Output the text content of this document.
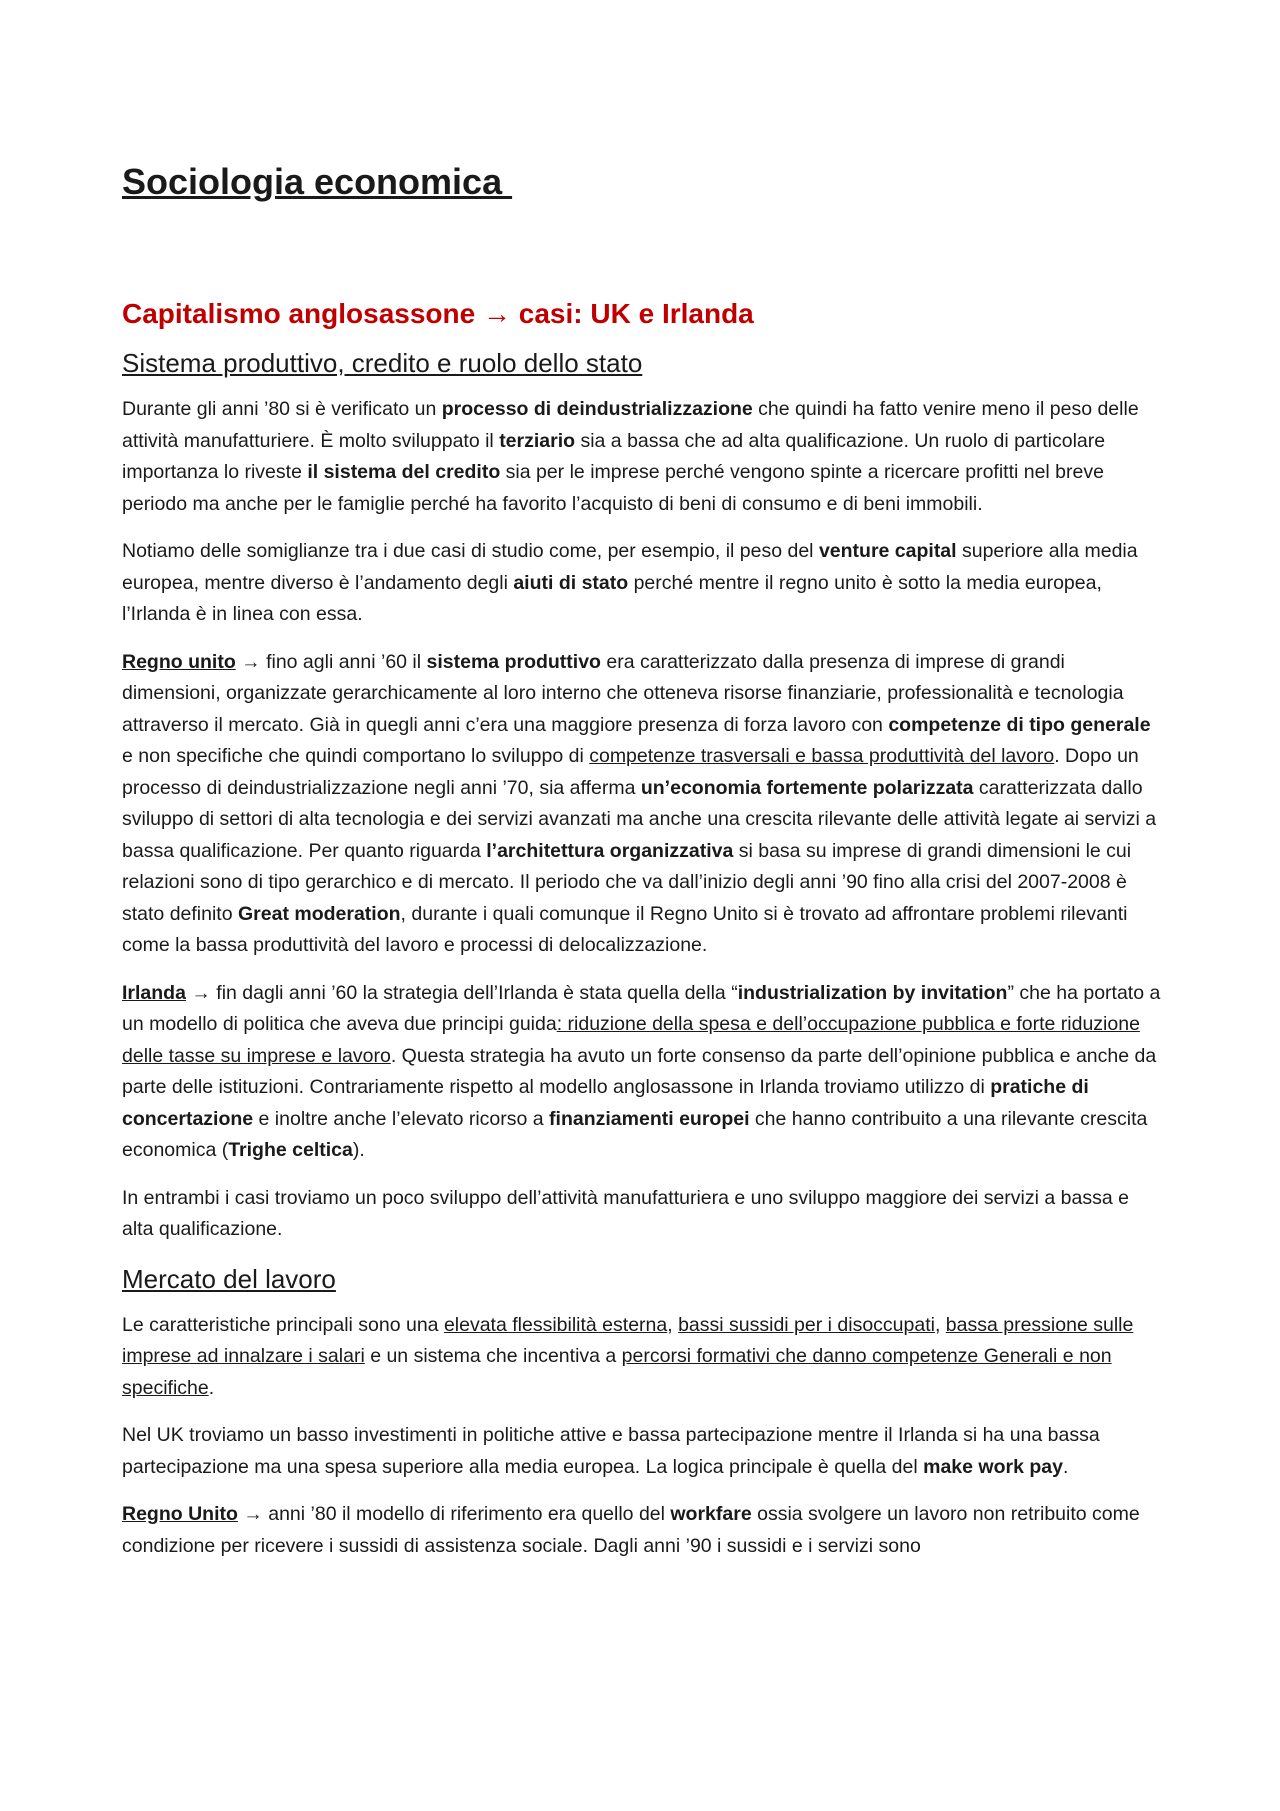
Sociologia economica
Capitalismo anglosassone → casi: UK e Irlanda
Sistema produttivo, credito e ruolo dello stato

Durante gli anni ’80 si è verificato un processo di deindustrializzazione che quindi ha fatto venire meno il peso delle attività manufatturiere. È molto sviluppato il terziario sia a bassa che ad alta qualificazione. Un ruolo di particolare importanza lo riveste il sistema del credito sia per le imprese perché vengono spinte a ricercare profitti nel breve periodo ma anche per le famiglie perché ha favorito l’acquisto di beni di consumo e di beni immobili.

Notiamo delle somiglianze tra i due casi di studio come, per esempio, il peso del venture capital superiore alla media europea, mentre diverso è l’andamento degli aiuti di stato perché mentre il regno unito è sotto la media europea, l’Irlanda è in linea con essa.

Regno unito → fino agli anni ’60 il sistema produttivo era caratterizzato dalla presenza di imprese di grandi dimensioni, organizzate gerarchicamente al loro interno che otteneva risorse finanziarie, professionalità e tecnologia attraverso il mercato. Già in quegli anni c’era una maggiore presenza di forza lavoro con competenze di tipo generale e non specifiche che quindi comportano lo sviluppo di competenze trasversali e bassa produttività del lavoro. Dopo un processo di deindustrializzazione negli anni ’70, sia afferma un’economia fortemente polarizzata caratterizzata dallo sviluppo di settori di alta tecnologia e dei servizi avanzati ma anche una crescita rilevante delle attività legate ai servizi a bassa qualificazione. Per quanto riguarda l’architettura organizzativa si basa su imprese di grandi dimensioni le cui relazioni sono di tipo gerarchico e di mercato. Il periodo che va dall’inizio degli anni ’90 fino alla crisi del 2007-2008 è stato definito Great moderation, durante i quali comunque il Regno Unito si è trovato ad affrontare problemi rilevanti come la bassa produttività del lavoro e processi di delocalizzazione.

Irlanda → fin dagli anni ’60 la strategia dell’Irlanda è stata quella della “industrialization by invitation” che ha portato a un modello di politica che aveva due principi guida: riduzione della spesa e dell’occupazione pubblica e forte riduzione delle tasse su imprese e lavoro. Questa strategia ha avuto un forte consenso da parte dell’opinione pubblica e anche da parte delle istituzioni. Contrariamente rispetto al modello anglosassone in Irlanda troviamo utilizzo di pratiche di concertazione e inoltre anche l’elevato ricorso a finanziamenti europei che hanno contribuito a una rilevante crescita economica (Trighe celtica).

In entrambi i casi troviamo un poco sviluppo dell’attività manufatturiera e uno sviluppo maggiore dei servizi a bassa e alta qualificazione.

Mercato del lavoro

Le caratteristiche principali sono una elevata flessibilità esterna, bassi sussidi per i disoccupati, bassa pressione sulle imprese ad innalzare i salari e un sistema che incentiva a percorsi formativi che danno competenze Generali e non specifiche.

Nel UK troviamo un basso investimenti in politiche attive e bassa partecipazione mentre il Irlanda si ha una bassa partecipazione ma una spesa superiore alla media europea. La logica principale è quella del make work pay.

Regno Unito → anni ’80 il modello di riferimento era quello del workfare ossia svolgere un lavoro non retribuito come condizione per ricevere i sussidi di assistenza sociale. Dagli anni ’90 i sussidi e i servizi sono
